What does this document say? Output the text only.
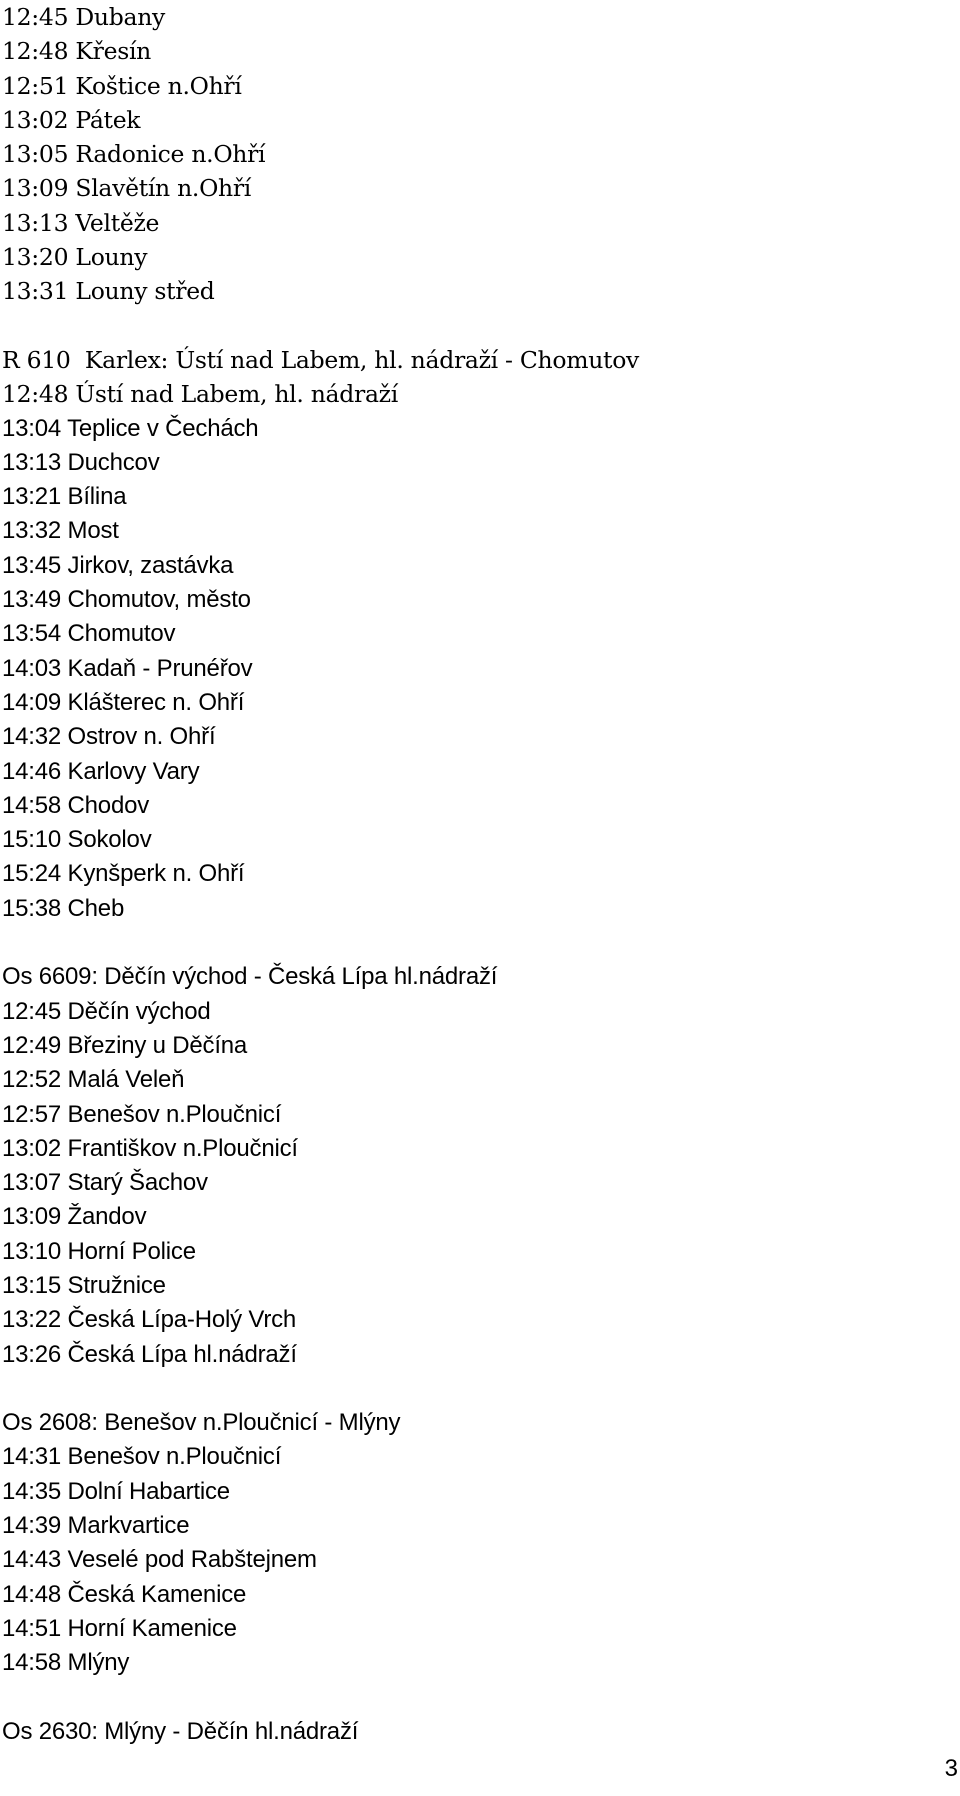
12:45 Dubany
12:48 Křesín
12:51 Koštice n.Ohří
13:02 Pátek
13:05 Radonice n.Ohří
13:09 Slavětín n.Ohří
13:13 Veltěže
13:20 Louny
13:31 Louny střed
R 610  Karlex: Ústí nad Labem, hl. nádraží - Chomutov
12:48 Ústí nad Labem, hl. nádraží
13:04 Teplice v Čechách
13:13 Duchcov
13:21 Bílina
13:32 Most
13:45 Jirkov, zastávka
13:49 Chomutov, město
13:54 Chomutov
14:03 Kadaň - Prunéřov
14:09 Klášterec n. Ohří
14:32 Ostrov n. Ohří
14:46 Karlovy Vary
14:58 Chodov
15:10 Sokolov
15:24 Kynšperk n. Ohří
15:38 Cheb
Os 6609: Děčín východ - Česká Lípa hl.nádraží
12:45 Děčín východ
12:49 Březiny u Děčína
12:52 Malá Veleň
12:57 Benešov n.Ploučnicí
13:02 Františkov n.Ploučnicí
13:07 Starý Šachov
13:09 Žandov
13:10 Horní Police
13:15 Stružnice
13:22 Česká Lípa-Holý Vrch
13:26 Česká Lípa hl.nádraží
Os 2608: Benešov n.Ploučnicí - Mlýny
14:31 Benešov n.Ploučnicí
14:35 Dolní Habartice
14:39 Markvartice
14:43 Veselé pod Rabštejnem
14:48 Česká Kamenice
14:51 Horní Kamenice
14:58 Mlýny
Os 2630: Mlýny - Děčín hl.nádraží
3
